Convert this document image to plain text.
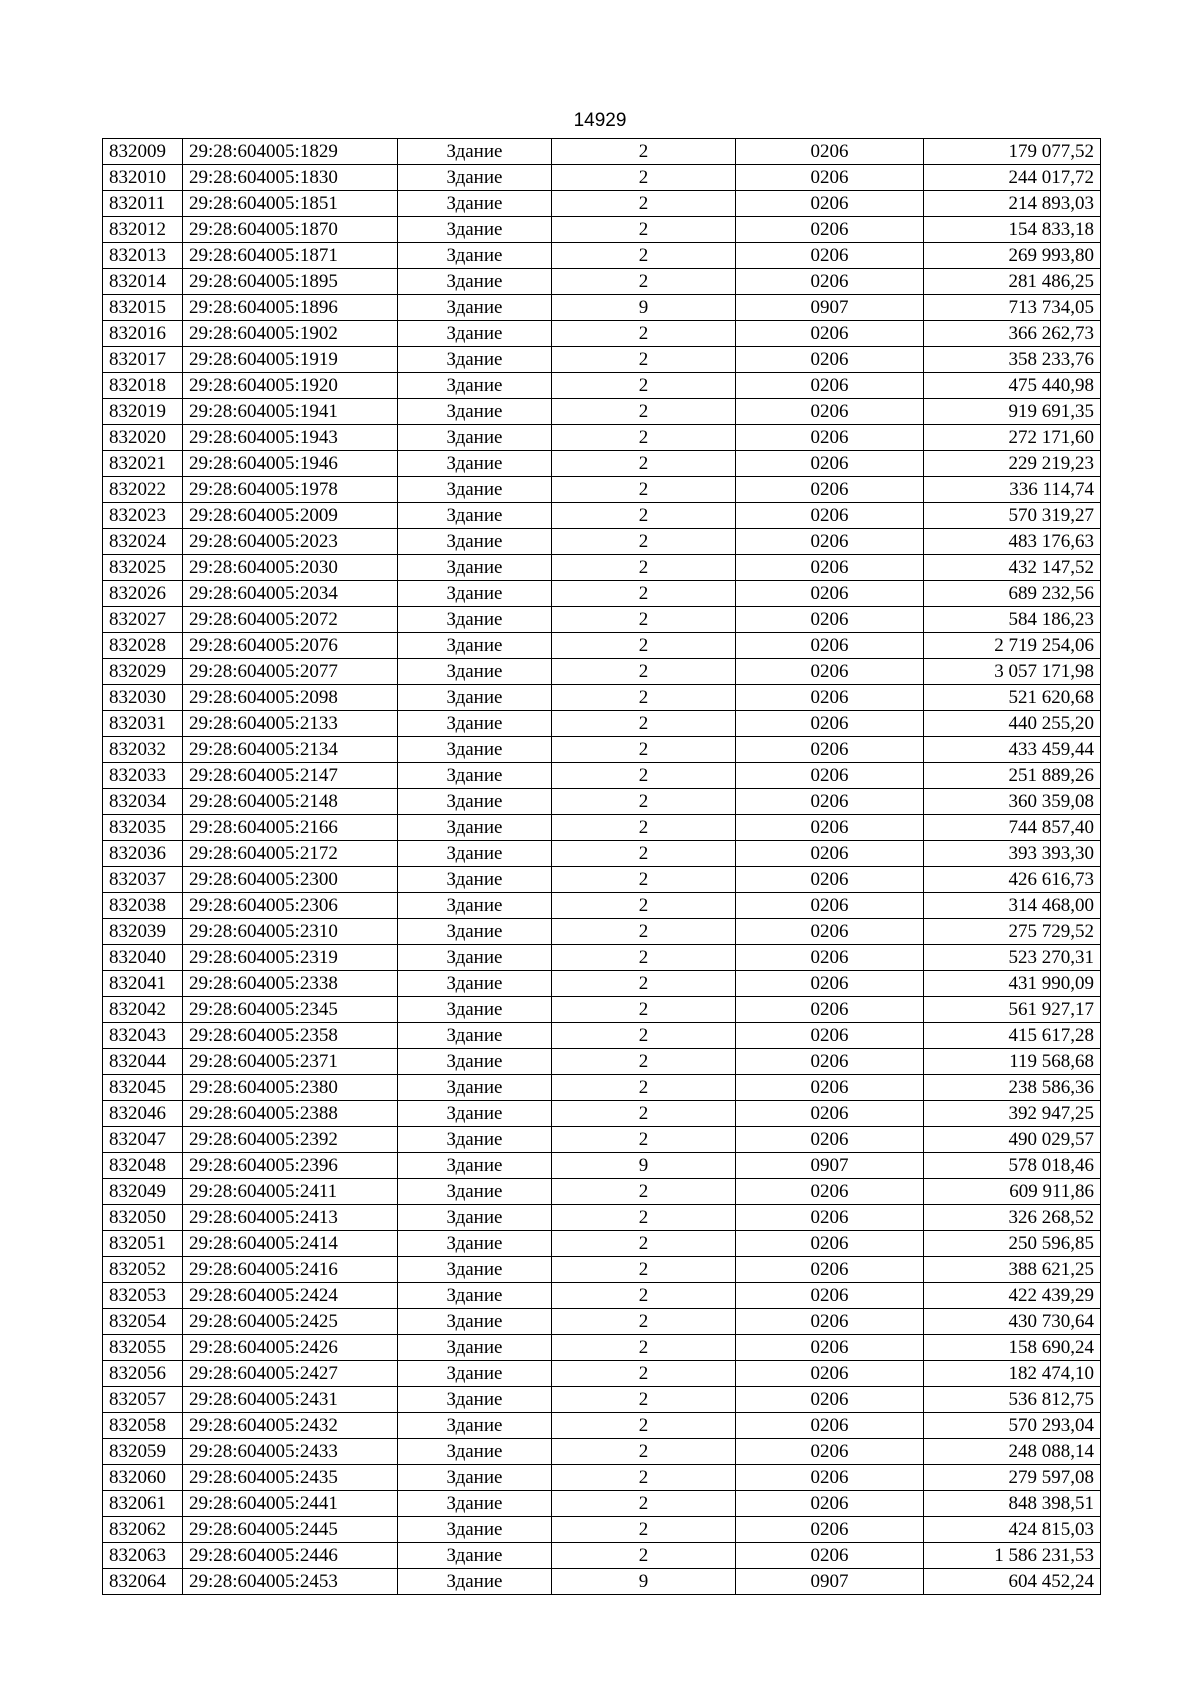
14929
832009	29:28:604005:1829	Здание	2	0206	179 077,52
832010	29:28:604005:1830	Здание	2	0206	244 017,72
832011	29:28:604005:1851	Здание	2	0206	214 893,03
832012	29:28:604005:1870	Здание	2	0206	154 833,18
832013	29:28:604005:1871	Здание	2	0206	269 993,80
832014	29:28:604005:1895	Здание	2	0206	281 486,25
832015	29:28:604005:1896	Здание	9	0907	713 734,05
832016	29:28:604005:1902	Здание	2	0206	366 262,73
832017	29:28:604005:1919	Здание	2	0206	358 233,76
832018	29:28:604005:1920	Здание	2	0206	475 440,98
832019	29:28:604005:1941	Здание	2	0206	919 691,35
832020	29:28:604005:1943	Здание	2	0206	272 171,60
832021	29:28:604005:1946	Здание	2	0206	229 219,23
832022	29:28:604005:1978	Здание	2	0206	336 114,74
832023	29:28:604005:2009	Здание	2	0206	570 319,27
832024	29:28:604005:2023	Здание	2	0206	483 176,63
832025	29:28:604005:2030	Здание	2	0206	432 147,52
832026	29:28:604005:2034	Здание	2	0206	689 232,56
832027	29:28:604005:2072	Здание	2	0206	584 186,23
832028	29:28:604005:2076	Здание	2	0206	2 719 254,06
832029	29:28:604005:2077	Здание	2	0206	3 057 171,98
832030	29:28:604005:2098	Здание	2	0206	521 620,68
832031	29:28:604005:2133	Здание	2	0206	440 255,20
832032	29:28:604005:2134	Здание	2	0206	433 459,44
832033	29:28:604005:2147	Здание	2	0206	251 889,26
832034	29:28:604005:2148	Здание	2	0206	360 359,08
832035	29:28:604005:2166	Здание	2	0206	744 857,40
832036	29:28:604005:2172	Здание	2	0206	393 393,30
832037	29:28:604005:2300	Здание	2	0206	426 616,73
832038	29:28:604005:2306	Здание	2	0206	314 468,00
832039	29:28:604005:2310	Здание	2	0206	275 729,52
832040	29:28:604005:2319	Здание	2	0206	523 270,31
832041	29:28:604005:2338	Здание	2	0206	431 990,09
832042	29:28:604005:2345	Здание	2	0206	561 927,17
832043	29:28:604005:2358	Здание	2	0206	415 617,28
832044	29:28:604005:2371	Здание	2	0206	119 568,68
832045	29:28:604005:2380	Здание	2	0206	238 586,36
832046	29:28:604005:2388	Здание	2	0206	392 947,25
832047	29:28:604005:2392	Здание	2	0206	490 029,57
832048	29:28:604005:2396	Здание	9	0907	578 018,46
832049	29:28:604005:2411	Здание	2	0206	609 911,86
832050	29:28:604005:2413	Здание	2	0206	326 268,52
832051	29:28:604005:2414	Здание	2	0206	250 596,85
832052	29:28:604005:2416	Здание	2	0206	388 621,25
832053	29:28:604005:2424	Здание	2	0206	422 439,29
832054	29:28:604005:2425	Здание	2	0206	430 730,64
832055	29:28:604005:2426	Здание	2	0206	158 690,24
832056	29:28:604005:2427	Здание	2	0206	182 474,10
832057	29:28:604005:2431	Здание	2	0206	536 812,75
832058	29:28:604005:2432	Здание	2	0206	570 293,04
832059	29:28:604005:2433	Здание	2	0206	248 088,14
832060	29:28:604005:2435	Здание	2	0206	279 597,08
832061	29:28:604005:2441	Здание	2	0206	848 398,51
832062	29:28:604005:2445	Здание	2	0206	424 815,03
832063	29:28:604005:2446	Здание	2	0206	1 586 231,53
832064	29:28:604005:2453	Здание	9	0907	604 452,24
